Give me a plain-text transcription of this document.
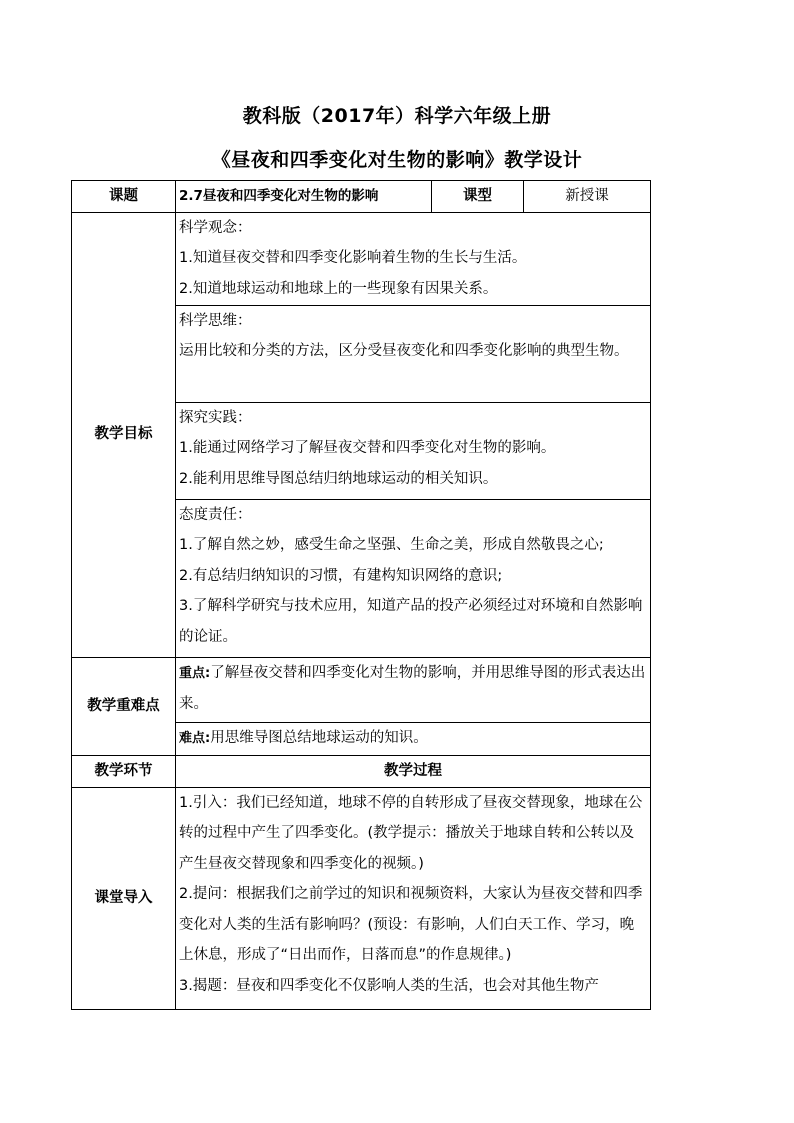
教科版（2017年）科学六年级上册
《昼夜和四季变化对生物的影响》教学设计
课题	2.7昼夜和四季变化对生物的影响	课型	新授课
教学目标	科学观念：
1.知道昼夜交替和四季变化影响着生物的生长与生活。
2.知道地球运动和地球上的一些现象有因果关系。		

	科学思维：
运用比较和分类的方法，区分受昼夜变化和四季变化影响的典型生物。		

	探究实践：
1.能通过网络学习了解昼夜交替和四季变化对生物的影响。
2.能利用思维导图总结归纳地球运动的相关知识。		

	态度责任：
1.了解自然之妙，感受生命之坚强、生命之美，形成自然敬畏之心;
2.有总结归纳知识的习惯，有建构知识网络的意识;
3.了解科学研究与技术应用，知道产品的投产必须经过对环境和自然影响的论证。		

教学重难点	重点:了解昼夜交替和四季变化对生物的影响，并用思维导图的形式表达出来。		
	难点:用思维导图总结地球运动的知识。		
教学环节	教学过程		
课堂导入	1.引入：我们已经知道，地球不停的自转形成了昼夜交替现象，地球在公转的过程中产生了四季变化。(教学提示：播放关于地球自转和公转以及产生昼夜交替现象和四季变化的视频。)
2.提问：根据我们之前学过的知识和视频资料，大家认为昼夜交替和四季变化对人类的生活有影响吗？(预设：有影响，人们白天工作、学习，晚上休息，形成了“日出而作，日落而息”的作息规律。)
3.揭题：昼夜和四季变化不仅影响人类的生活，也会对其他生物产		
